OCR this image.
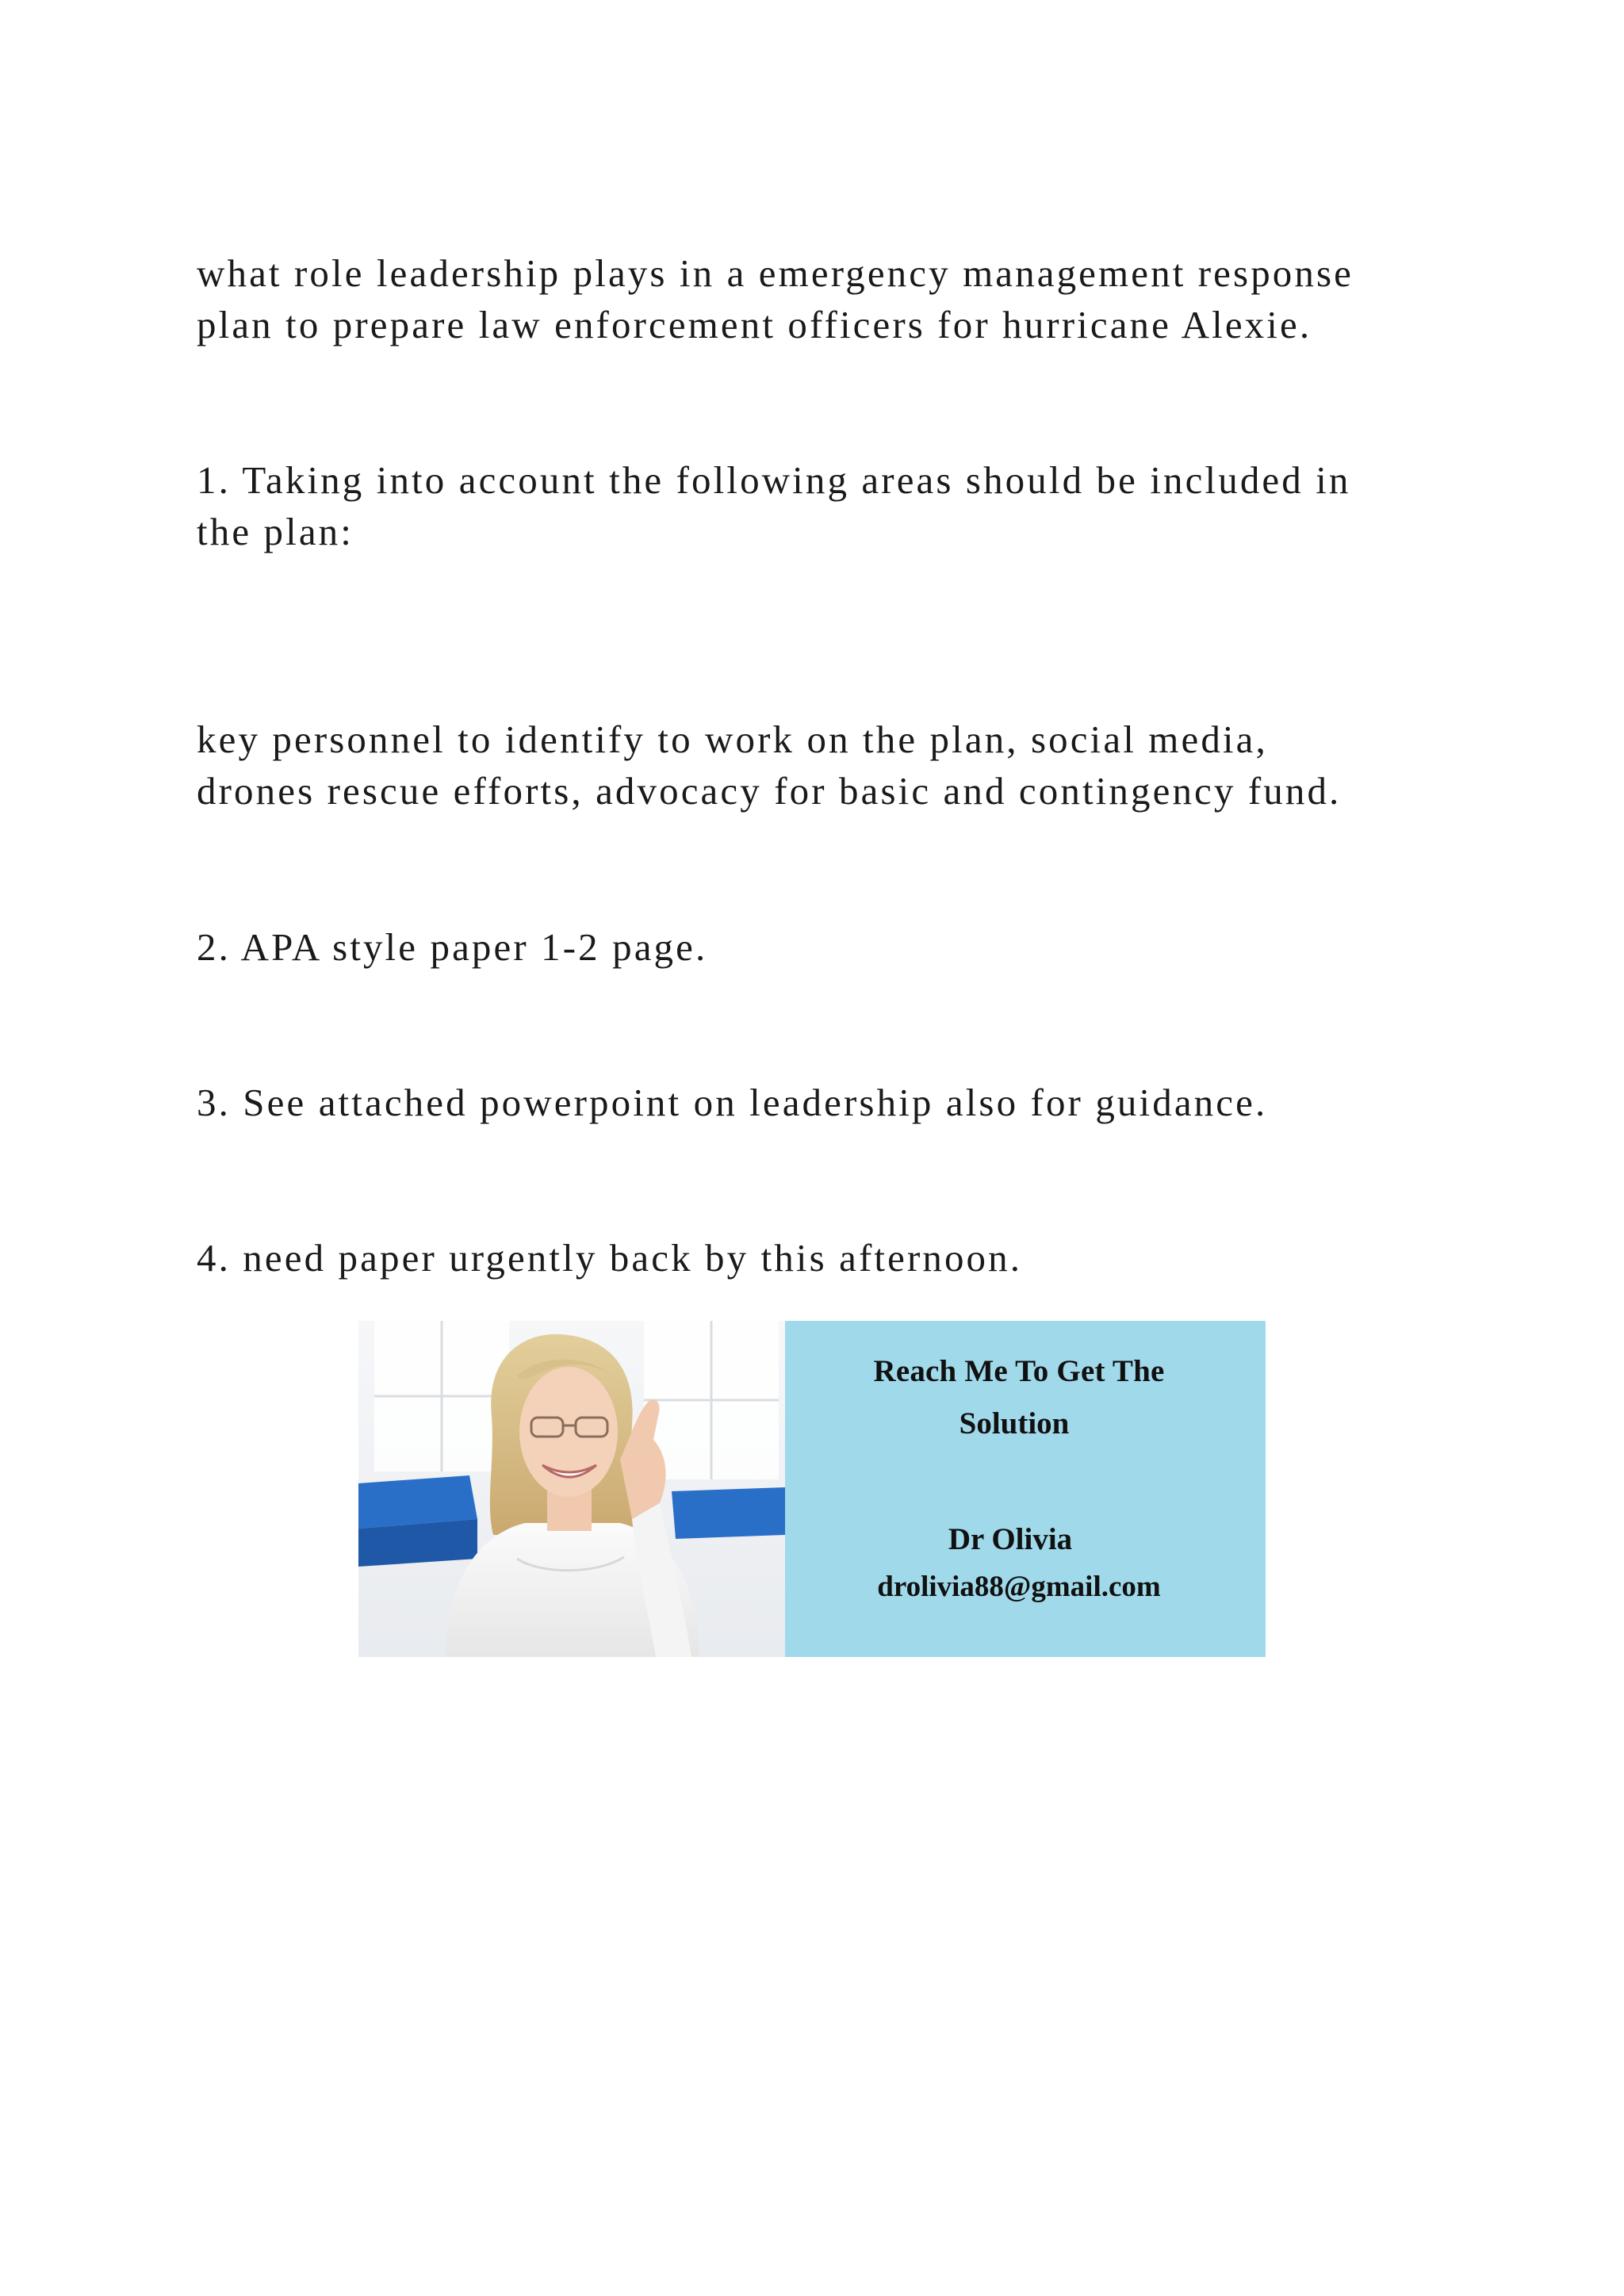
what role leadership plays in a emergency management response
plan to prepare law enforcement officers for hurricane Alexie.

1. Taking into account the following areas should be included in
the plan:

key personnel to identify to work on the plan, social media,
drones rescue efforts, advocacy for basic and contingency fund.

2. APA style paper 1-2 page.

3. See attached powerpoint on leadership also for guidance.

4. need paper urgently back by this afternoon.

Reach Me To Get The
Solution
Dr Olivia
drolivia88@gmail.com
